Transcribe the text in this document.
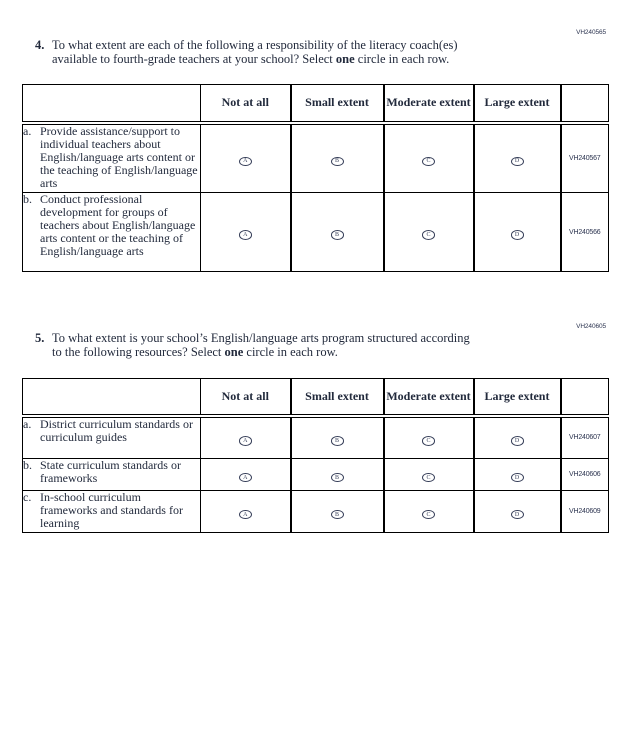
VH240565
4. To what extent are each of the following a responsibility of the literacy coach(es)
available to fourth-grade teachers at your school? Select one circle in each row.
	Not at all	Small extent	Moderate extent	Large extent	

a. Provide assistance/support to individual teachers about English/language arts content or the teaching of English/language arts	A	B	C	D	VH240567

b. Conduct professional development for groups of teachers about English/language arts content or the teaching of English/language arts	A	B	C	D	VH240566
VH240605
5. To what extent is your school’s English/language arts program structured according
to the following resources? Select one circle in each row.
	Not at all	Small extent	Moderate extent	Large extent	

a. District curriculum standards or curriculum guides	A	B	C	D	VH240607

b. State curriculum standards or frameworks	A	B	C	D	VH240606

c. In-school curriculum frameworks and standards for learning	A	B	C	D	VH240609
